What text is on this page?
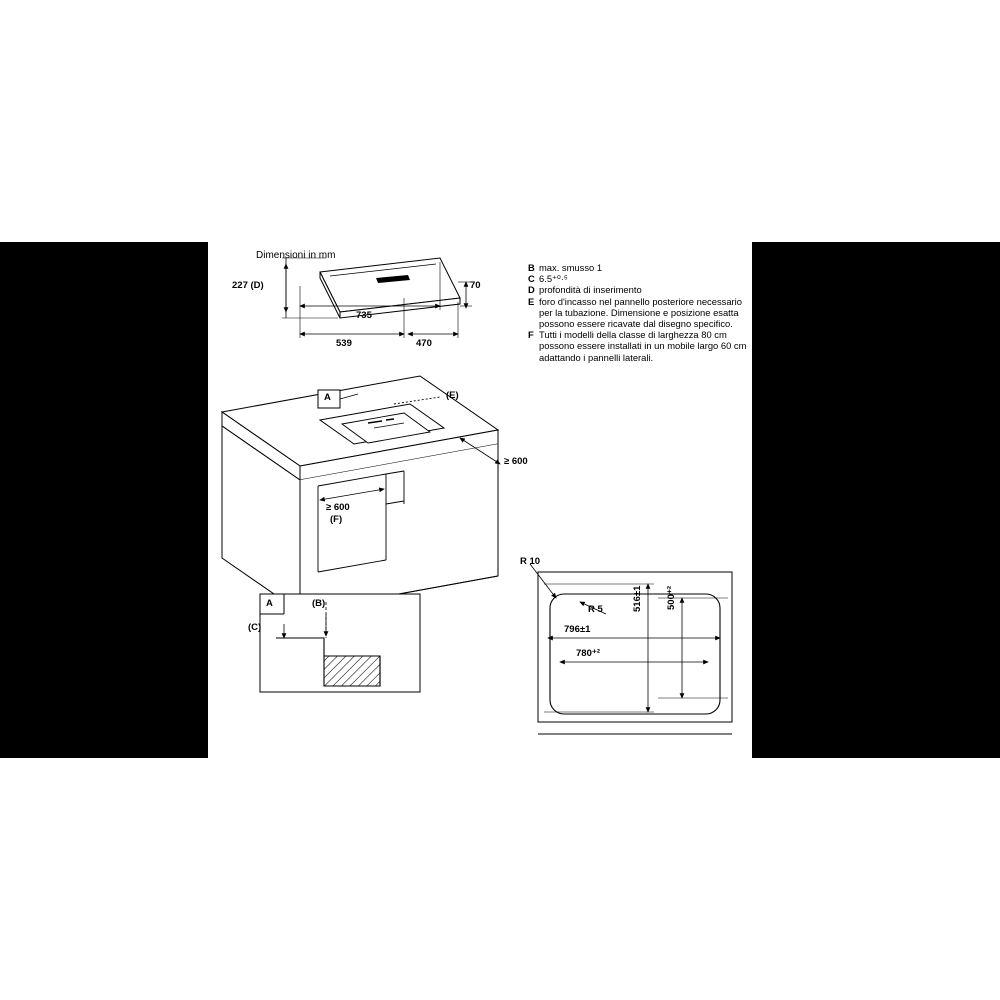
Dimensioni in mm
B max. smusso 1
C 6.5⁺⁰·⁵
D profondità di inserimento
E foro d'incasso nel pannello posteriore necessario per la tubazione. Dimensione e posizione esatta possono essere ricavate dal disegno specifico.
F Tutti i modelli della classe di larghezza 80 cm possono essere installati in un mobile largo 60 cm adattando i pannelli laterali.
227 (D)	70
735
539	470
A	(E)
≥ 600
≥ 600
(F)
A	(B)
(C)
R 10
R 5	516±1 500⁺²
796±1
780⁺²
